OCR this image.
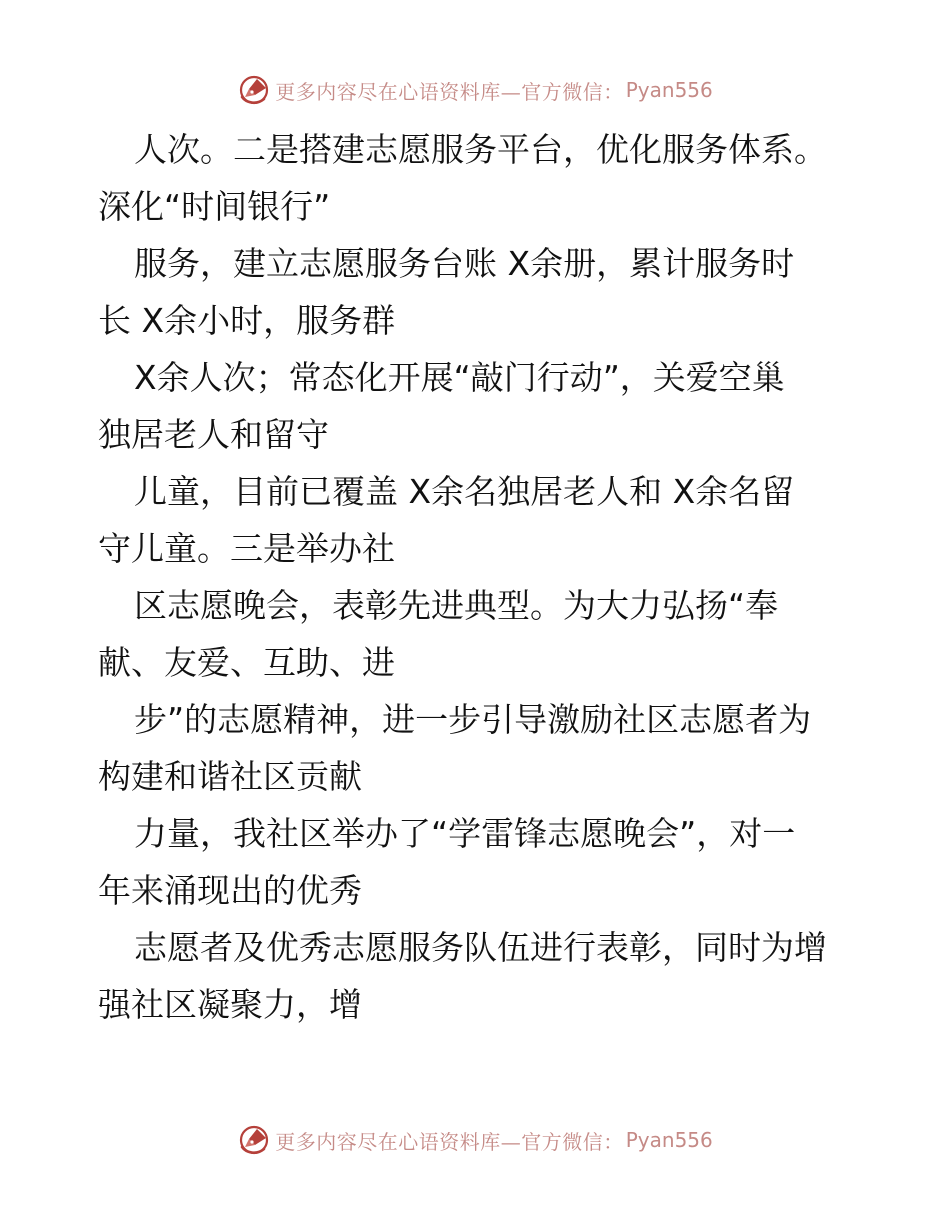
更多内容尽在心语资料库—官方微信： Pyan556
人次。二是搭建志愿服务平台，优化服务体系。
深化“时间银行”
服务，建立志愿服务台账 X余册，累计服务时
长 X余小时，服务群
X余人次；常态化开展“敲门行动”，关爱空巢
独居老人和留守
儿童，目前已覆盖 X余名独居老人和 X余名留
守儿童。三是举办社
区志愿晚会，表彰先进典型。为大力弘扬“奉
献、友爱、互助、进
步”的志愿精神，进一步引导激励社区志愿者为
构建和谐社区贡献
力量，我社区举办了“学雷锋志愿晚会”，对一
年来涌现出的优秀
志愿者及优秀志愿服务队伍进行表彰，同时为增
强社区凝聚力，增
更多内容尽在心语资料库—官方微信： Pyan556
